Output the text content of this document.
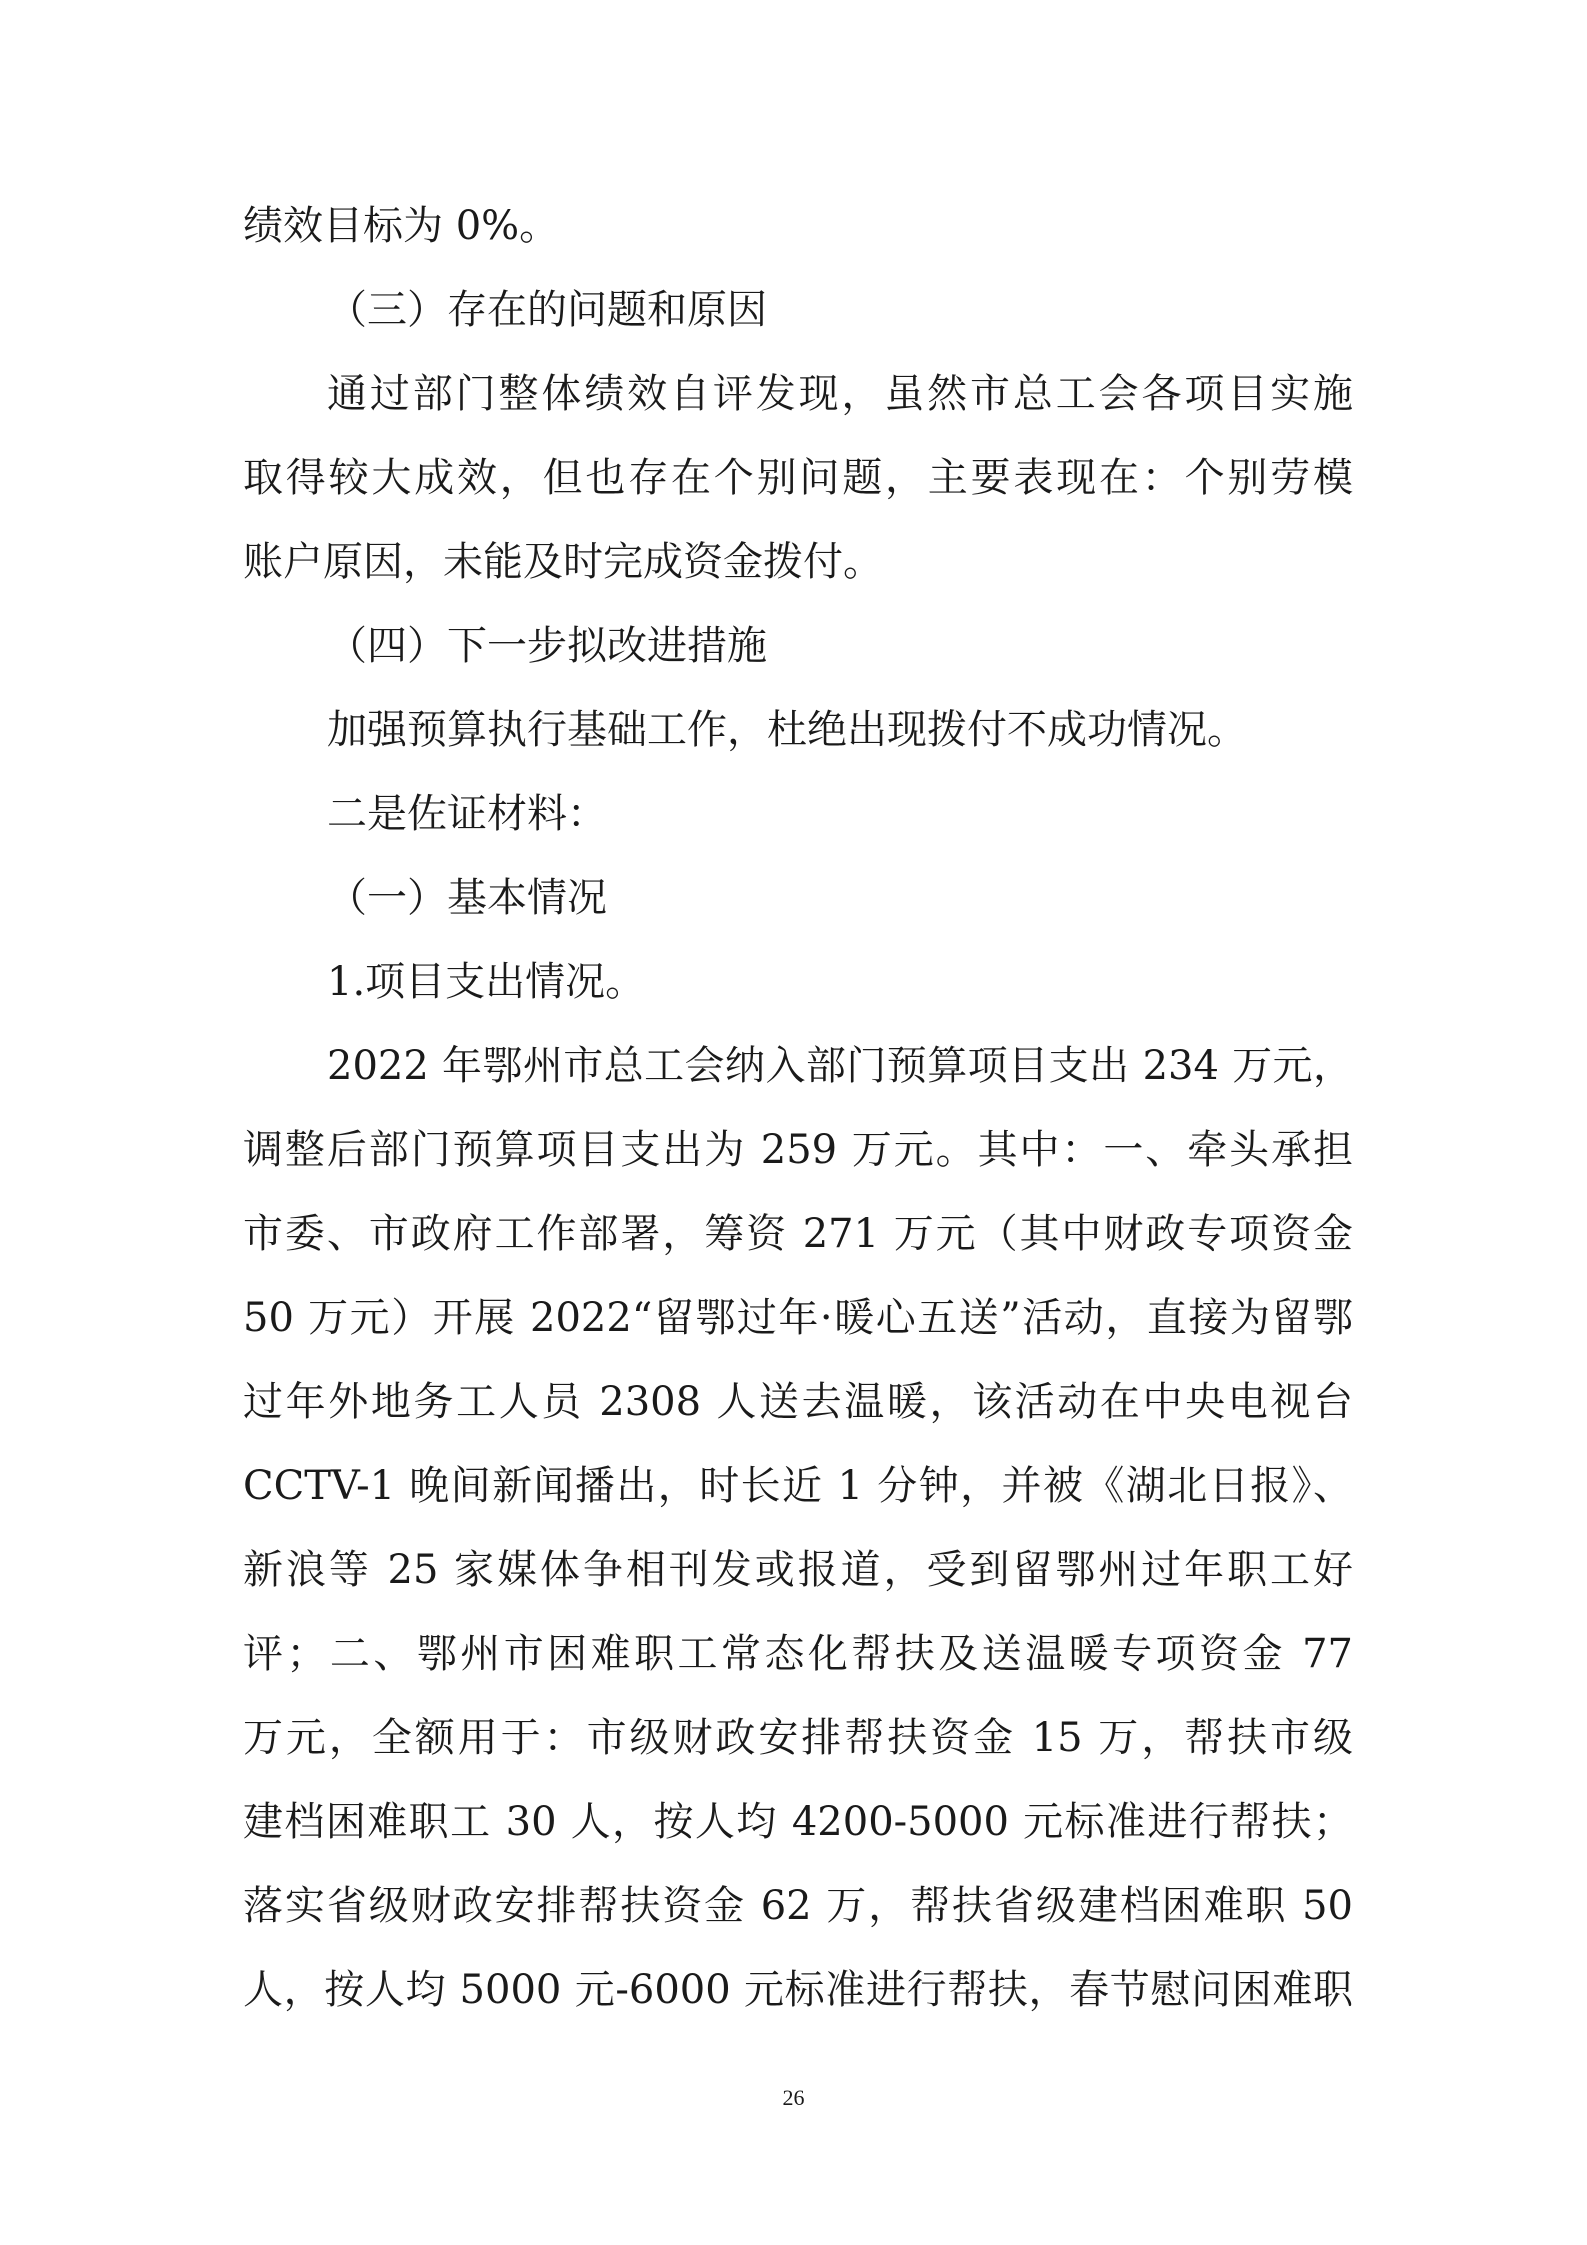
绩效目标为 0%。
（三）存在的问题和原因
通过部门整体绩效自评发现，虽然市总工会各项目实施
取得较大成效，但也存在个别问题，主要表现在：个别劳模
账户原因，未能及时完成资金拨付。
（四）下一步拟改进措施
加强预算执行基础工作，杜绝出现拨付不成功情况。
二是佐证材料：
（一）基本情况
1.项目支出情况。
2022 年鄂州市总工会纳入部门预算项目支出 234 万元，
调整后部门预算项目支出为 259 万元。其中：一、牵头承担
市委、市政府工作部署，筹资 271 万元（其中财政专项资金
50 万元）开展 2022“留鄂过年·暖心五送”活动，直接为留鄂
过年外地务工人员 2308 人送去温暖，该活动在中央电视台
CCTV-1 晚间新闻播出，时长近 1 分钟，并被《湖北日报》、
新浪等 25 家媒体争相刊发或报道，受到留鄂州过年职工好
评；二、鄂州市困难职工常态化帮扶及送温暖专项资金 77
万元，全额用于：市级财政安排帮扶资金 15 万，帮扶市级
建档困难职工 30 人，按人均 4200-5000 元标准进行帮扶；
落实省级财政安排帮扶资金 62 万，帮扶省级建档困难职 50
人，按人均 5000 元-6000 元标准进行帮扶，春节慰问困难职
26
